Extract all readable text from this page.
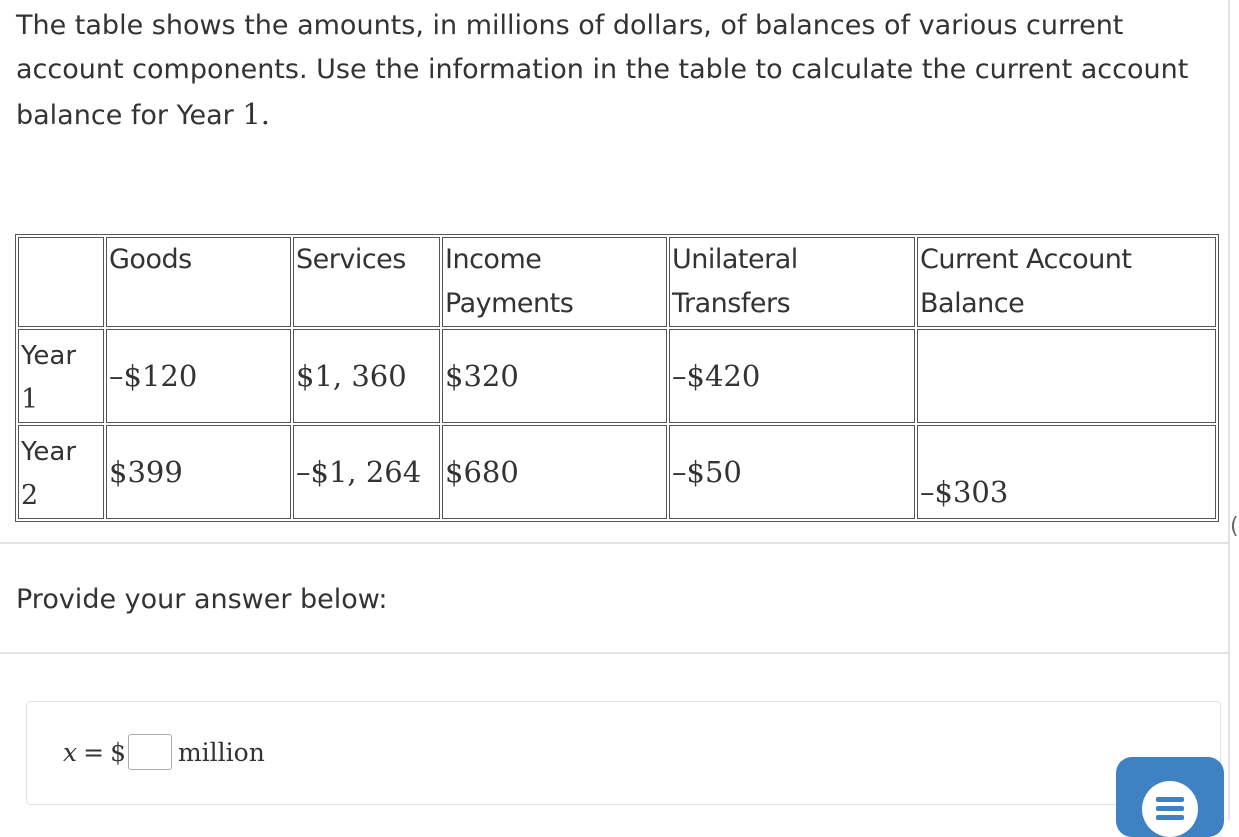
The table shows the amounts, in millions of dollars, of balances of various current account components. Use the information in the table to calculate the current account balance for Year 1.
	Goods	Services	Income Payments	Unilateral Transfers	Current Account Balance
Year
1	–$120	$1, 360	$320	–$420	
Year
2	$399	–$1, 264	$680	–$50	–$303
(
Provide your answer below:
x = $ million
